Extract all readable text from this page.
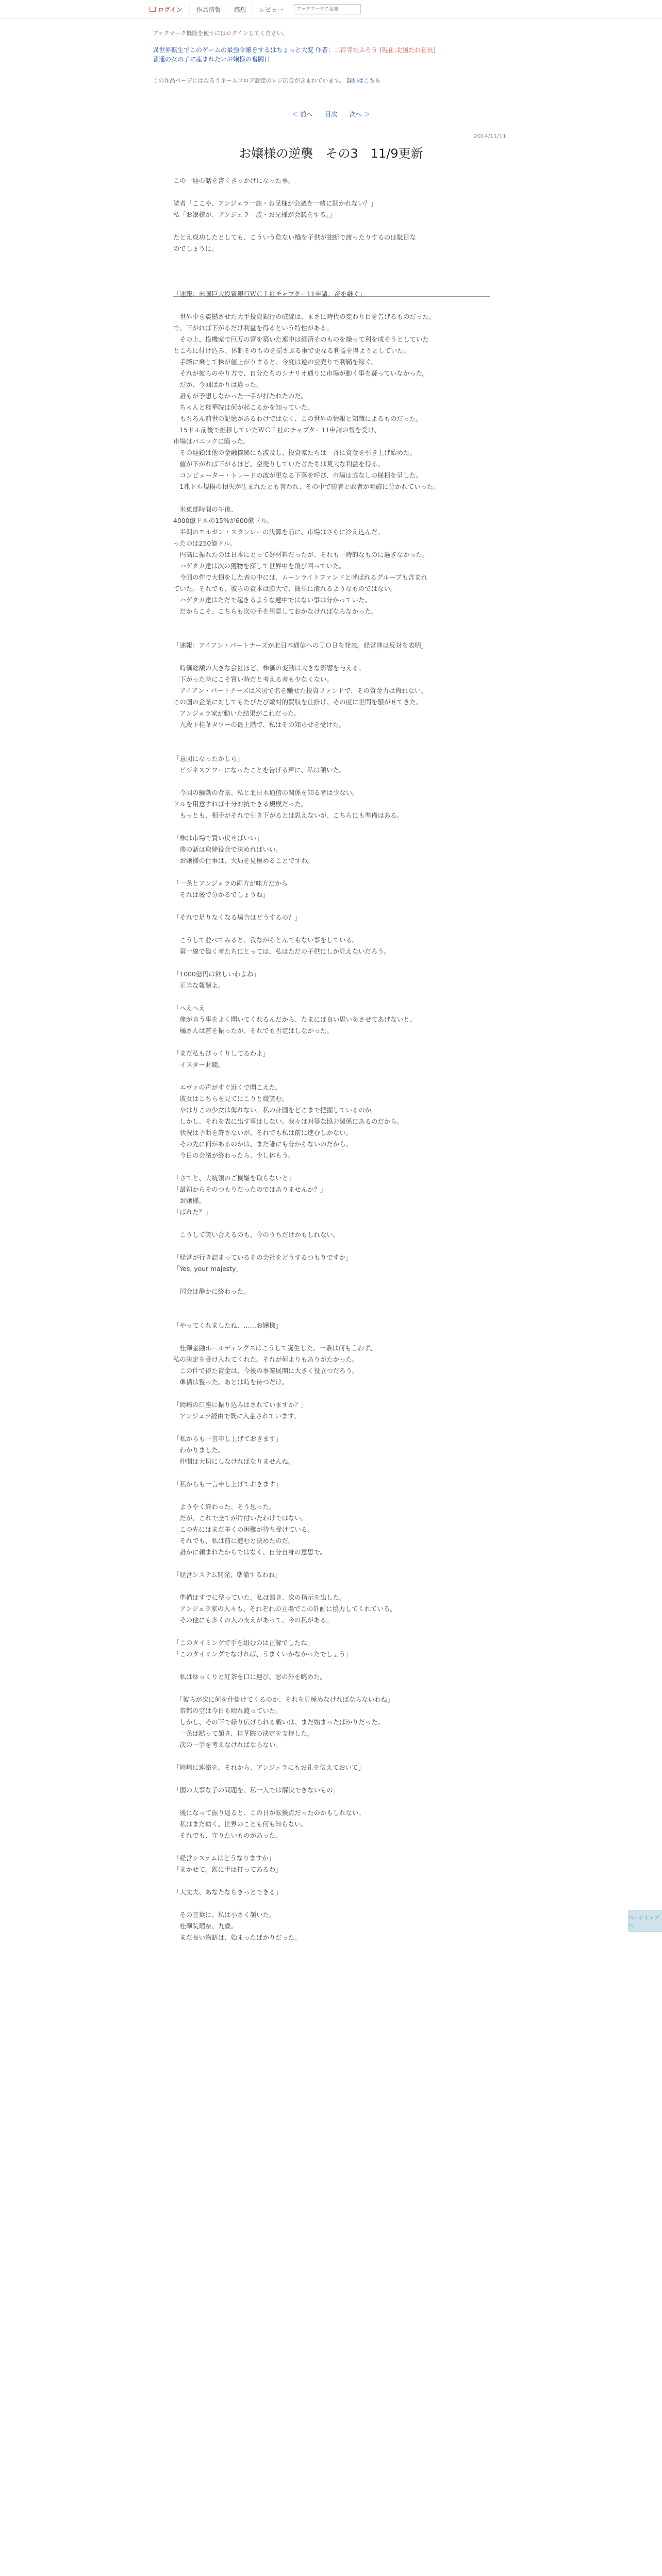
ログイン	作品情報	感想	レビュー
ブックマークに追加
ブックマーク機能を使うにはログインしてください。
異世界転生でこのゲームの最強令嬢をするはちょっと大変 作者：二百寺たふろう (現在:北国たれ社長)
普通の女の子に産まれたいお嬢様の奮闘日
この作品ページにはなろうネームブログ設定のレジ広告が含まれています。 詳細はこちら
＜ 前へ 目次 次へ ＞
2014/11/11
お嬢様の逆襲　その3　11/9更新

この一連の話を書くきっかけになった事。

読者「ここや、アンジェラ一族・お兄様が会議を一緒に開かれない？」

私「お嬢様が、アンジェラ一族・お兄様が会議をする。」

たとえ成功したとしても、こういう危ない橋を子供が独断で渡ったりするのは駄目な

のでしょうに。

「速報：米国巨大投資銀行ＷＣＩ社チャプター11申請。帝を継ぐ」

　世界中を震撼させた大手投資銀行の破綻は、まさに時代の変わり目を告げるものだった。

で、下がれば下がるだけ利益を得るという特性がある。

　その上、投機家で巨万の富を築いた連中は経済そのものを操って利を成そうとしていた

ところに付け込み、体制そのものを揺さぶる事で更なる利益を得ようとしていた。

　手際に乗じて株が値上がりすると、今度は逆の空売りで利鞘を稼ぐ。

　それが彼らのやり方で、自分たちのシナリオ通りに市場が動く事を疑っていなかった。

　だが、今回ばかりは違った。

　誰もが予想しなかった一手が打たれたのだ。

　ちゃんと桂華院は何が起こるかを知っていた。

　もちろん前世の記憶があるわけではなく、この世界の情報と知識によるものだった。

　15ドル前後で推移していたＷＣＩ社のチャプター11申請の報を受け、

市場はパニックに陥った。

　その連鎖は他の金融機関にも波及し、投資家たちは一斉に資金を引き上げ始めた。

　値が下がれば下がるほど、空売りしていた者たちは莫大な利益を得る。

　コンピューター・トレードの波が更なる下落を呼び、市場は底なしの様相を呈した。

　1兆ドル規模の損失が生まれたとも言われ、その中で勝者と敗者が明確に分かれていった。

　米東部時間の午後、

4000億ドルの15%が600億ドル。

　半期のモルガン・スタンレーの決算を前に、市場はさらに冷え込んだ。

ったのは250億ドル。

　円高に振れたのは日本にとって好材料だったが、それも一時的なものに過ぎなかった。

　ハゲタカ達は次の獲物を探して世界中を飛び回っていた。

　今回の件で大損をした者の中には、ムーンライトファンドと呼ばれるグループも含まれ

ていた。それでも、彼らの資本は膨大で、簡単に潰れるようなものではない。

　ハゲタカ達はただで起きるような連中ではない事は分かっていた。

　だからこそ、こちらも次の手を用意しておかなければならなかった。

「速報：アイアン・パートナーズが北日本通信へのＴＯＢを発表。経営陣は反対を表明」

　時価総額の大きな会社ほど、株価の変動は大きな影響を与える。

　下がった時にこそ買い時だと考える者も少なくない。

　アイアン・パートナーズは米国で名を馳せた投資ファンドで、その資金力は侮れない。

この国の企業に対してもたびたび敵対的買収を仕掛け、その度に世間を騒がせてきた。

　アンジェラ家が動いた結果がこれだった。

　九段下桂華タワーの最上階で、私はその知らせを受けた。

「意図になったかしら」

　ビジネスアワーになったことを告げる声に、私は頷いた。

　今回の騒動の背景、私と北日本通信の関係を知る者は少ない。

ドルを用意すれば十分対抗できる規模だった。

　もっとも、相手がそれで引き下がるとは思えないが、こちらにも準備はある。

「株は市場で買い戻せばいい」

　後の話は取締役会で決めればいい。

　お嬢様の仕事は、大局を見極めることですわ。

「一条とアンジェラの両方が味方だから

　それは後で分かるでしょうね」

「それで足りなくなる場合はどうするの？」

　こうして並べてみると、我ながらとんでもない事をしている。

　第一線で働く者たちにとっては、私はただの子供にしか見えないだろう。

「1000億円は欲しいわよね」

　正当な報酬よ。

「へえへえ」

　俺が言う事をよく聞いてくれるんだから、たまには良い思いをさせてあげないと。

　橘さんは首を振ったが、それでも否定はしなかった。

「まだ私もびっくりしてるわよ」

　イスター財閥。

　エヴァの声がすぐ近くで聞こえた。

　彼女はこちらを見てにこりと微笑む。

　やはりこの少女は侮れない。私の計画をどこまで把握しているのか。

　しかし、それを表に出す事はしない。我々は対等な協力関係にあるのだから。

　状況は予断を許さないが、それでも私は前に進むしかない。

　その先に何があるのかは、まだ誰にも分からないのだから。

　今日の会議が終わったら、少し休もう。

「さてと、大統領のご機嫌を取らないと」

「最初からそのつもりだったのではありませんか？」

　お嬢様。

「ばれた？」

　こうして笑い合えるのも、今のうちだけかもしれない。

「経営が行き詰まっているその会社をどうするつもりですか」

「Yes, your majesty」

　国会は静かに終わった。

「やってくれましたね、……お嬢様」

　桂華金融ホールディングスはこうして誕生した。一条は何も言わず、

私の決定を受け入れてくれた。それが何よりもありがたかった。

　この件で得た資金は、今後の事業展開に大きく役立つだろう。

　準備は整った。あとは時を待つだけ。

「岡崎の口座に振り込みはされていますか？」

　アンジェラ経由で既に入金されています。

「私からも一言申し上げておきます」

　わかりました。

　仲間は大切にしなければなりませんね。

「私からも一言申し上げておきます」

　ようやく終わった、そう思った。

　だが、これで全てが片付いたわけではない。

　この先にはまだ多くの困難が待ち受けている。

　それでも、私は前に進むと決めたのだ。

　誰かに頼まれたからではなく、自分自身の意思で。

「経営システム開発、準備するわね」

　準備はすでに整っていた。私は頷き、次の指示を出した。

　アンジェラ家の人々も、それぞれの立場でこの計画に協力してくれている。

　その他にも多くの人の支えがあって、今の私がある。

「このタイミングで手を組むのは正解でしたね」

「このタイミングでなければ、うまくいかなかったでしょう」

　私はゆっくりと紅茶を口に運び、窓の外を眺めた。

　「彼らが次に何を仕掛けてくるのか、それを見極めなければならないわね」

　帝都の空は今日も晴れ渡っていた。

　しかし、その下で繰り広げられる戦いは、まだ始まったばかりだった。

　一条は黙って頷き、桂華院の決定を支持した。

　次の一手を考えなければならない。

「岡崎に連絡を。それから、アンジェラにもお礼を伝えておいて」

「国の大事な子の問題を、私一人では解決できないもの」

　後になって振り返ると、この日が転換点だったのかもしれない。

　私はまだ幼く、世界のことも何も知らない。

　それでも、守りたいものがあった。

「経営システムはどうなりますか」

「まかせて。既に手は打ってあるわ」

「大丈夫、あなたならきっとできる」

　その言葉に、私は小さく頷いた。

　桂華院瑠奈、九歳。

　まだ長い物語は、始まったばかりだった。

ページトップへ
